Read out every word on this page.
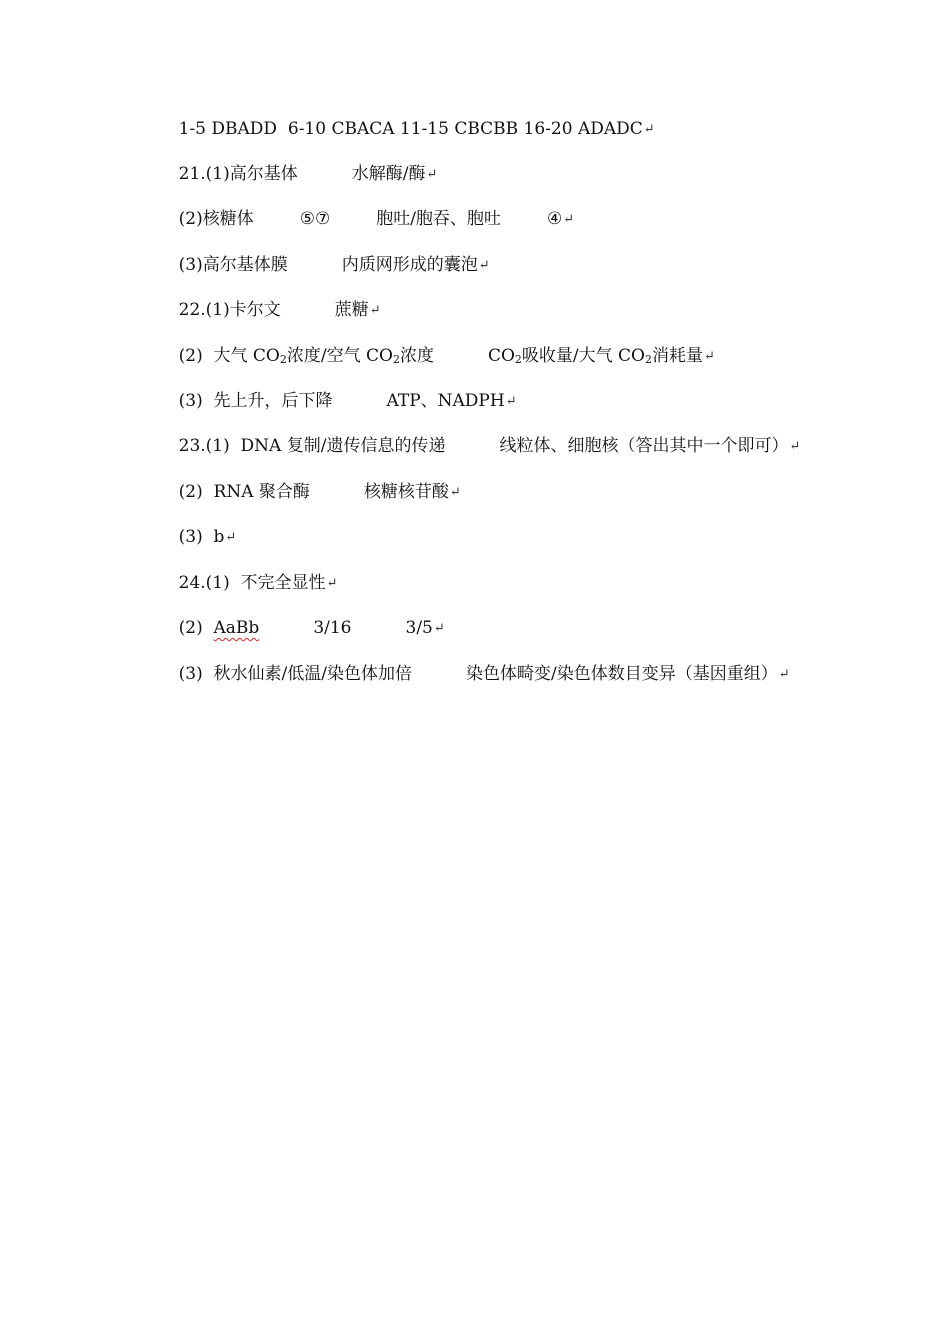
1-5 DBADD  6-10 CBACA 11-15 CBCBB 16-20 ADADC↵

21.(1)高尔基体	水解酶/酶↵

(2)核糖体	⑤⑦	胞吐/胞吞、胞吐	④↵

(3)高尔基体膜	内质网形成的囊泡↵

22.(1)卡尔文	蔗糖↵

(2)  大气 CO2浓度/空气 CO2浓度	CO2吸收量/大气 CO2消耗量↵

(3)  先上升，后下降	ATP、NADPH↵

23.(1)  DNA 复制/遗传信息的传递	线粒体、细胞核（答出其中一个即可）↵

(2)  RNA 聚合酶	核糖核苷酸↵

(3)  b↵

24.(1)  不完全显性↵

(2)  AaBb	3/16	3/5↵

(3)  秋水仙素/低温/染色体加倍	染色体畸变/染色体数目变异（基因重组）↵
